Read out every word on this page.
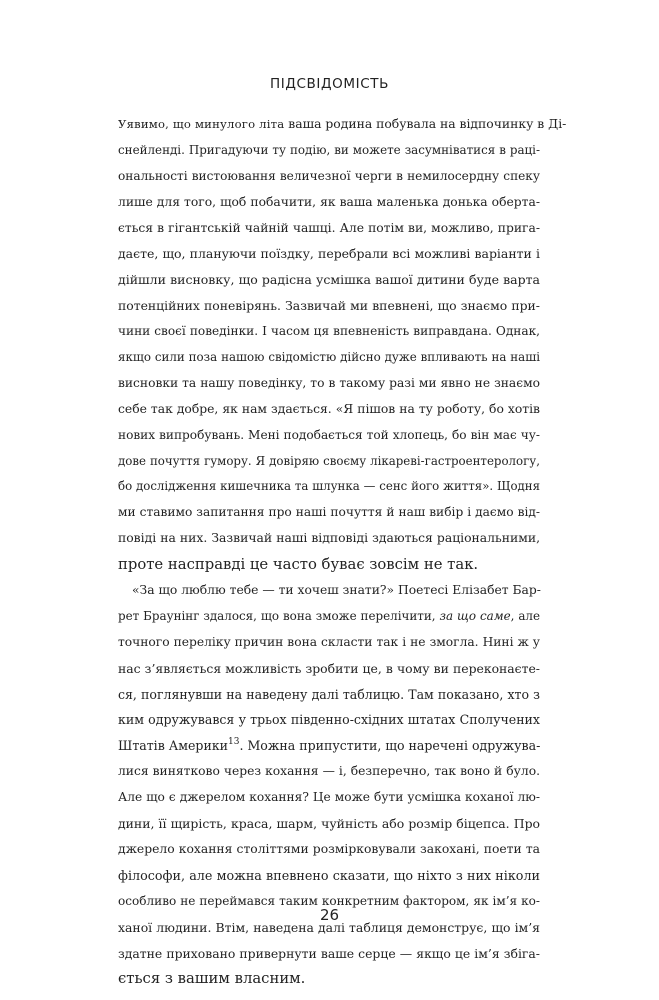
ПІДСВІДОМІСТЬ
Уявимо, що минулого літа ваша родина побувала на відпочинку в Ді-
снейленді. Пригадуючи ту подію, ви можете засумніватися в раці-
ональності вистоювання величезної черги в немилосердну спеку
лише для того, щоб побачити, як ваша маленька донька оберта-
ється в гігантській чайній чашці. Але потім ви, можливо, прига-
даєте, що, плануючи поїздку, перебрали всі можливі варіанти і
дійшли висновку, що радісна усмішка вашої дитини буде варта
потенційних поневірянь. Зазвичай ми впевнені, що знаємо при-
чини своєї поведінки. І часом ця впевненість виправдана. Однак,
якщо сили поза нашою свідомістю дійсно дуже впливають на наші
висновки та нашу поведінку, то в такому разі ми явно не знаємо
себе так добре, як нам здається. «Я пішов на ту роботу, бо хотів
нових випробувань. Мені подобається той хлопець, бо він має чу-
дове почуття гумору. Я довіряю своєму лікареві-гастроентерологу,
бо дослідження кишечника та шлунка — сенс його життя». Щодня
ми ставимо запитання про наші почуття й наш вибір і даємо від-
повіді на них. Зазвичай наші відповіді здаються раціональними,
проте насправді це часто буває зовсім не так.
«За що люблю тебе — ти хочеш знати?» Поетесі Елізабет Бар-
рет Браунінг здалося, що вона зможе перелічити, за що саме, але
точного переліку причин вона скласти так і не змогла. Нині ж у
нас з’являється можливість зробити це, в чому ви переконаєте-
ся, поглянувши на наведену далі таблицю. Там показано, хто з
ким одружувався у трьох південно-східних штатах Сполучених
Штатів Америки$^{13}$. Можна припустити, що наречені одружува-
лися винятково через кохання — і, безперечно, так воно й було.
Але що є джерелом кохання? Це може бути усмішка коханої лю-
дини, її щирість, краса, шарм, чуйність або розмір біцепса. Про
джерело кохання століттями розмірковували закохані, поети та
філософи, але можна впевнено сказати, що ніхто з них ніколи
особливо не переймався таким конкретним фактором, як ім’я ко-
ханої людини. Втім, наведена далі таблиця демонструє, що ім’я
здатне приховано привернути ваше серце — якщо це ім’я збіга-
ється з вашим власним.
26
